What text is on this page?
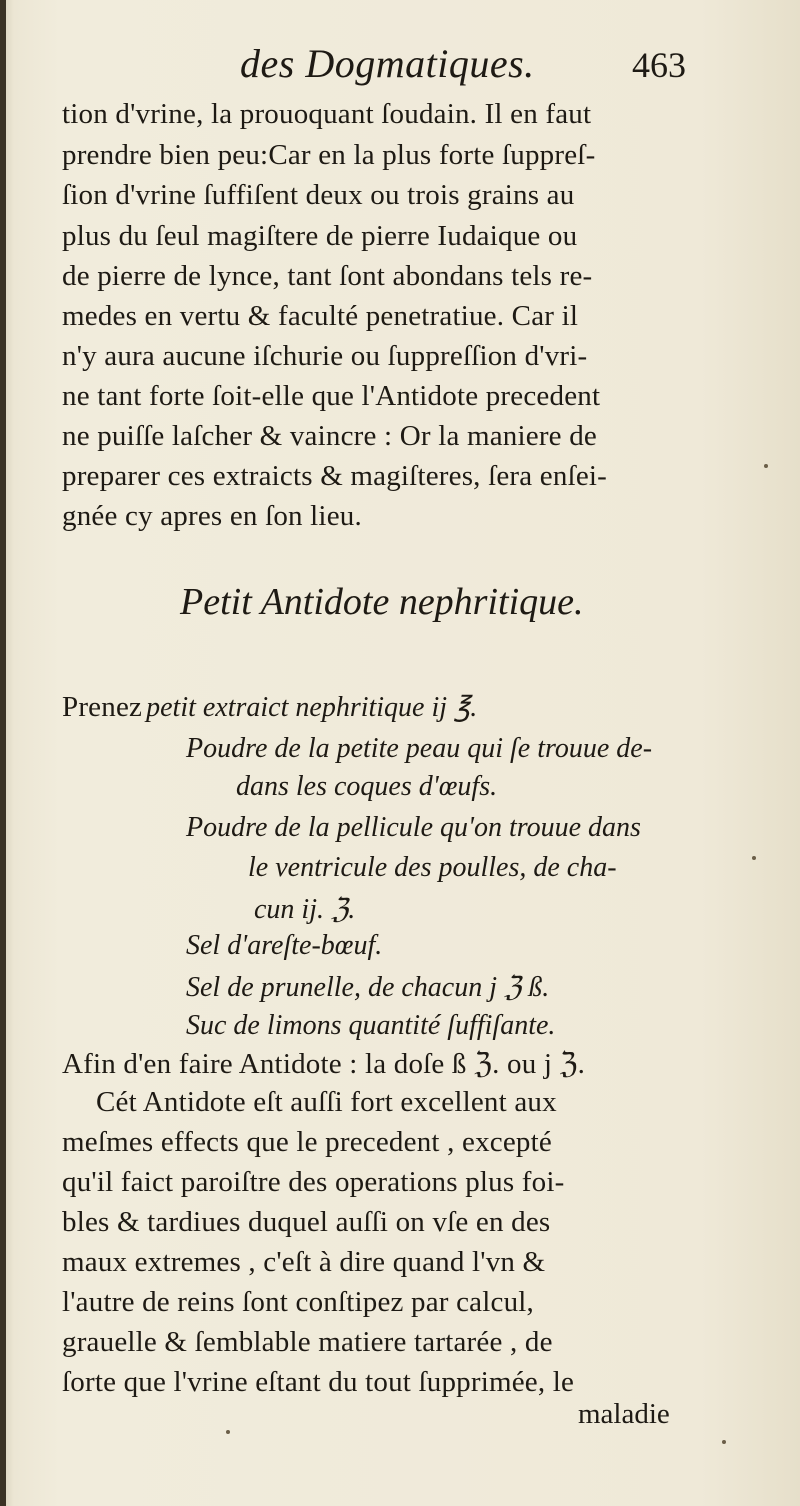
des Dogmatiques.	463
tion d'vrine, la prouoquant ſoudain. Il en faut
prendre bien peu:Car en la plus forte ſuppreſ-
ſion d'vrine ſuffiſent deux ou trois grains au
plus du ſeul magiſtere de pierre Iudaique ou
de pierre de lynce, tant ſont abondans tels re-
medes en vertu & faculté penetratiue. Car il
n'y aura aucune iſchurie ou ſuppreſſion d'vri-
ne tant forte ſoit-elle que l'Antidote precedent
ne puiſſe laſcher & vaincre : Or la maniere de
preparer ces extraicts & magiſteres, ſera enſei-
gnée cy apres en ſon lieu.
Petit Antidote nephritique.
Prenez petit extraict nephritique ij ℥.
Poudre de la petite peau qui ſe trouue de-
dans les coques d'œufs.
Poudre de la pellicule qu'on trouue dans
le ventricule des poulles, de cha-
cun ij. ℨ.
Sel d'areſte-bœuf.
Sel de prunelle, de chacun j ℨ ß.
Suc de limons quantité ſuffiſante.
Afin d'en faire Antidote : la doſe ß ℨ. ou j ℨ.
Cét Antidote eſt auſſi fort excellent aux
meſmes effects que le precedent , excepté
qu'il faict paroiſtre des operations plus foi-
bles & tardiues duquel auſſi on vſe en des
maux extremes , c'eſt à dire quand l'vn &
l'autre de reins ſont conſtipez par calcul,
grauelle & ſemblable matiere tartarée , de
ſorte que l'vrine eſtant du tout ſupprimée, le
maladie
